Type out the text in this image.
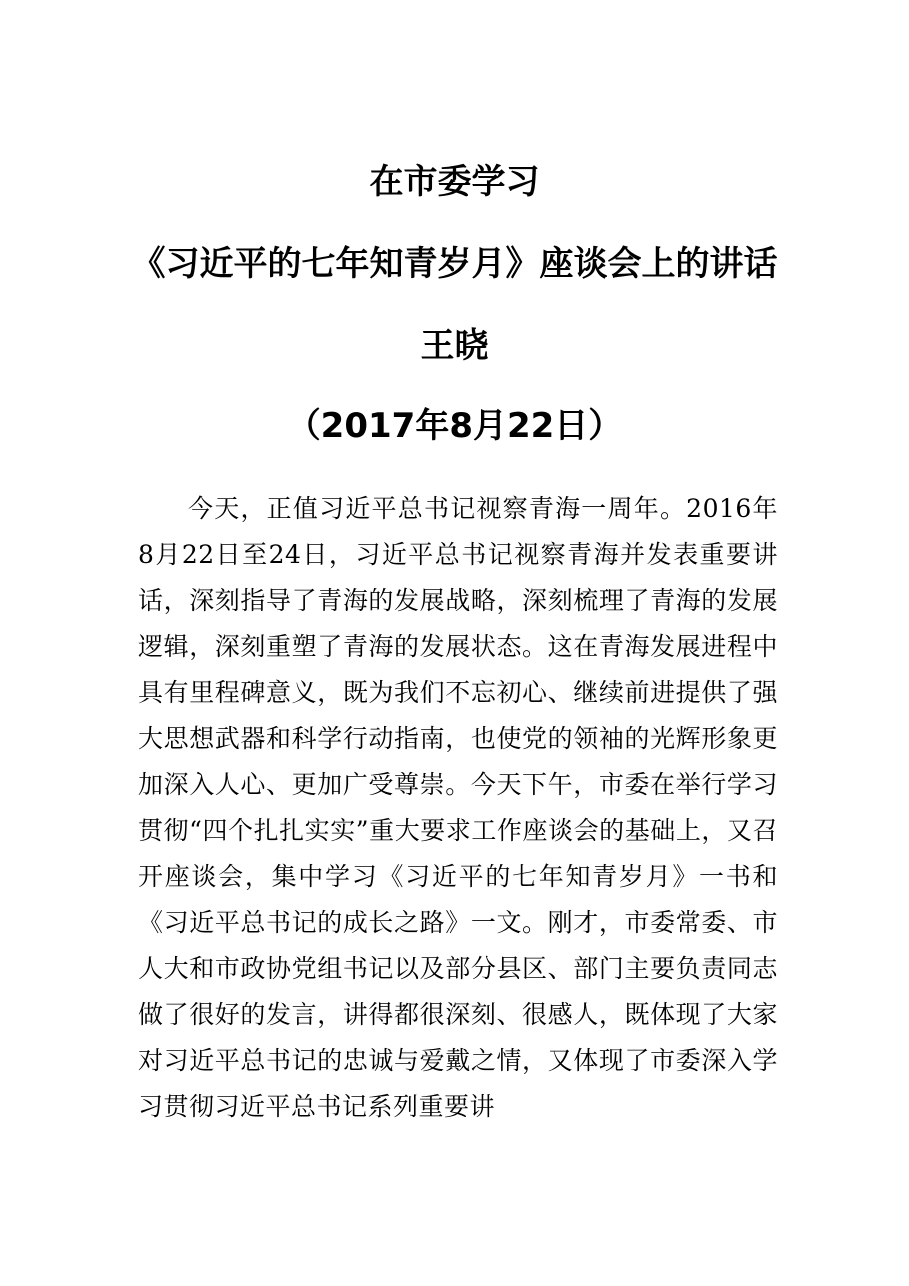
在市委学习
《习近平的七年知青岁月》座谈会上的讲话
王晓
（2017年8月22日）

今天，正值习近平总书记视察青海一周年。2016年8月22日至24日，习近平总书记视察青海并发表重要讲话，深刻指导了青海的发展战略，深刻梳理了青海的发展逻辑，深刻重塑了青海的发展状态。这在青海发展进程中具有里程碑意义，既为我们不忘初心、继续前进提供了强大思想武器和科学行动指南，也使党的领袖的光辉形象更加深入人心、更加广受尊崇。今天下午，市委在举行学习贯彻“四个扎扎实实”重大要求工作座谈会的基础上，又召开座谈会，集中学习《习近平的七年知青岁月》一书和《习近平总书记的成长之路》一文。刚才，市委常委、市人大和市政协党组书记以及部分县区、部门主要负责同志做了很好的发言，讲得都很深刻、很感人，既体现了大家对习近平总书记的忠诚与爱戴之情，又体现了市委深入学习贯彻习近平总书记系列重要讲
